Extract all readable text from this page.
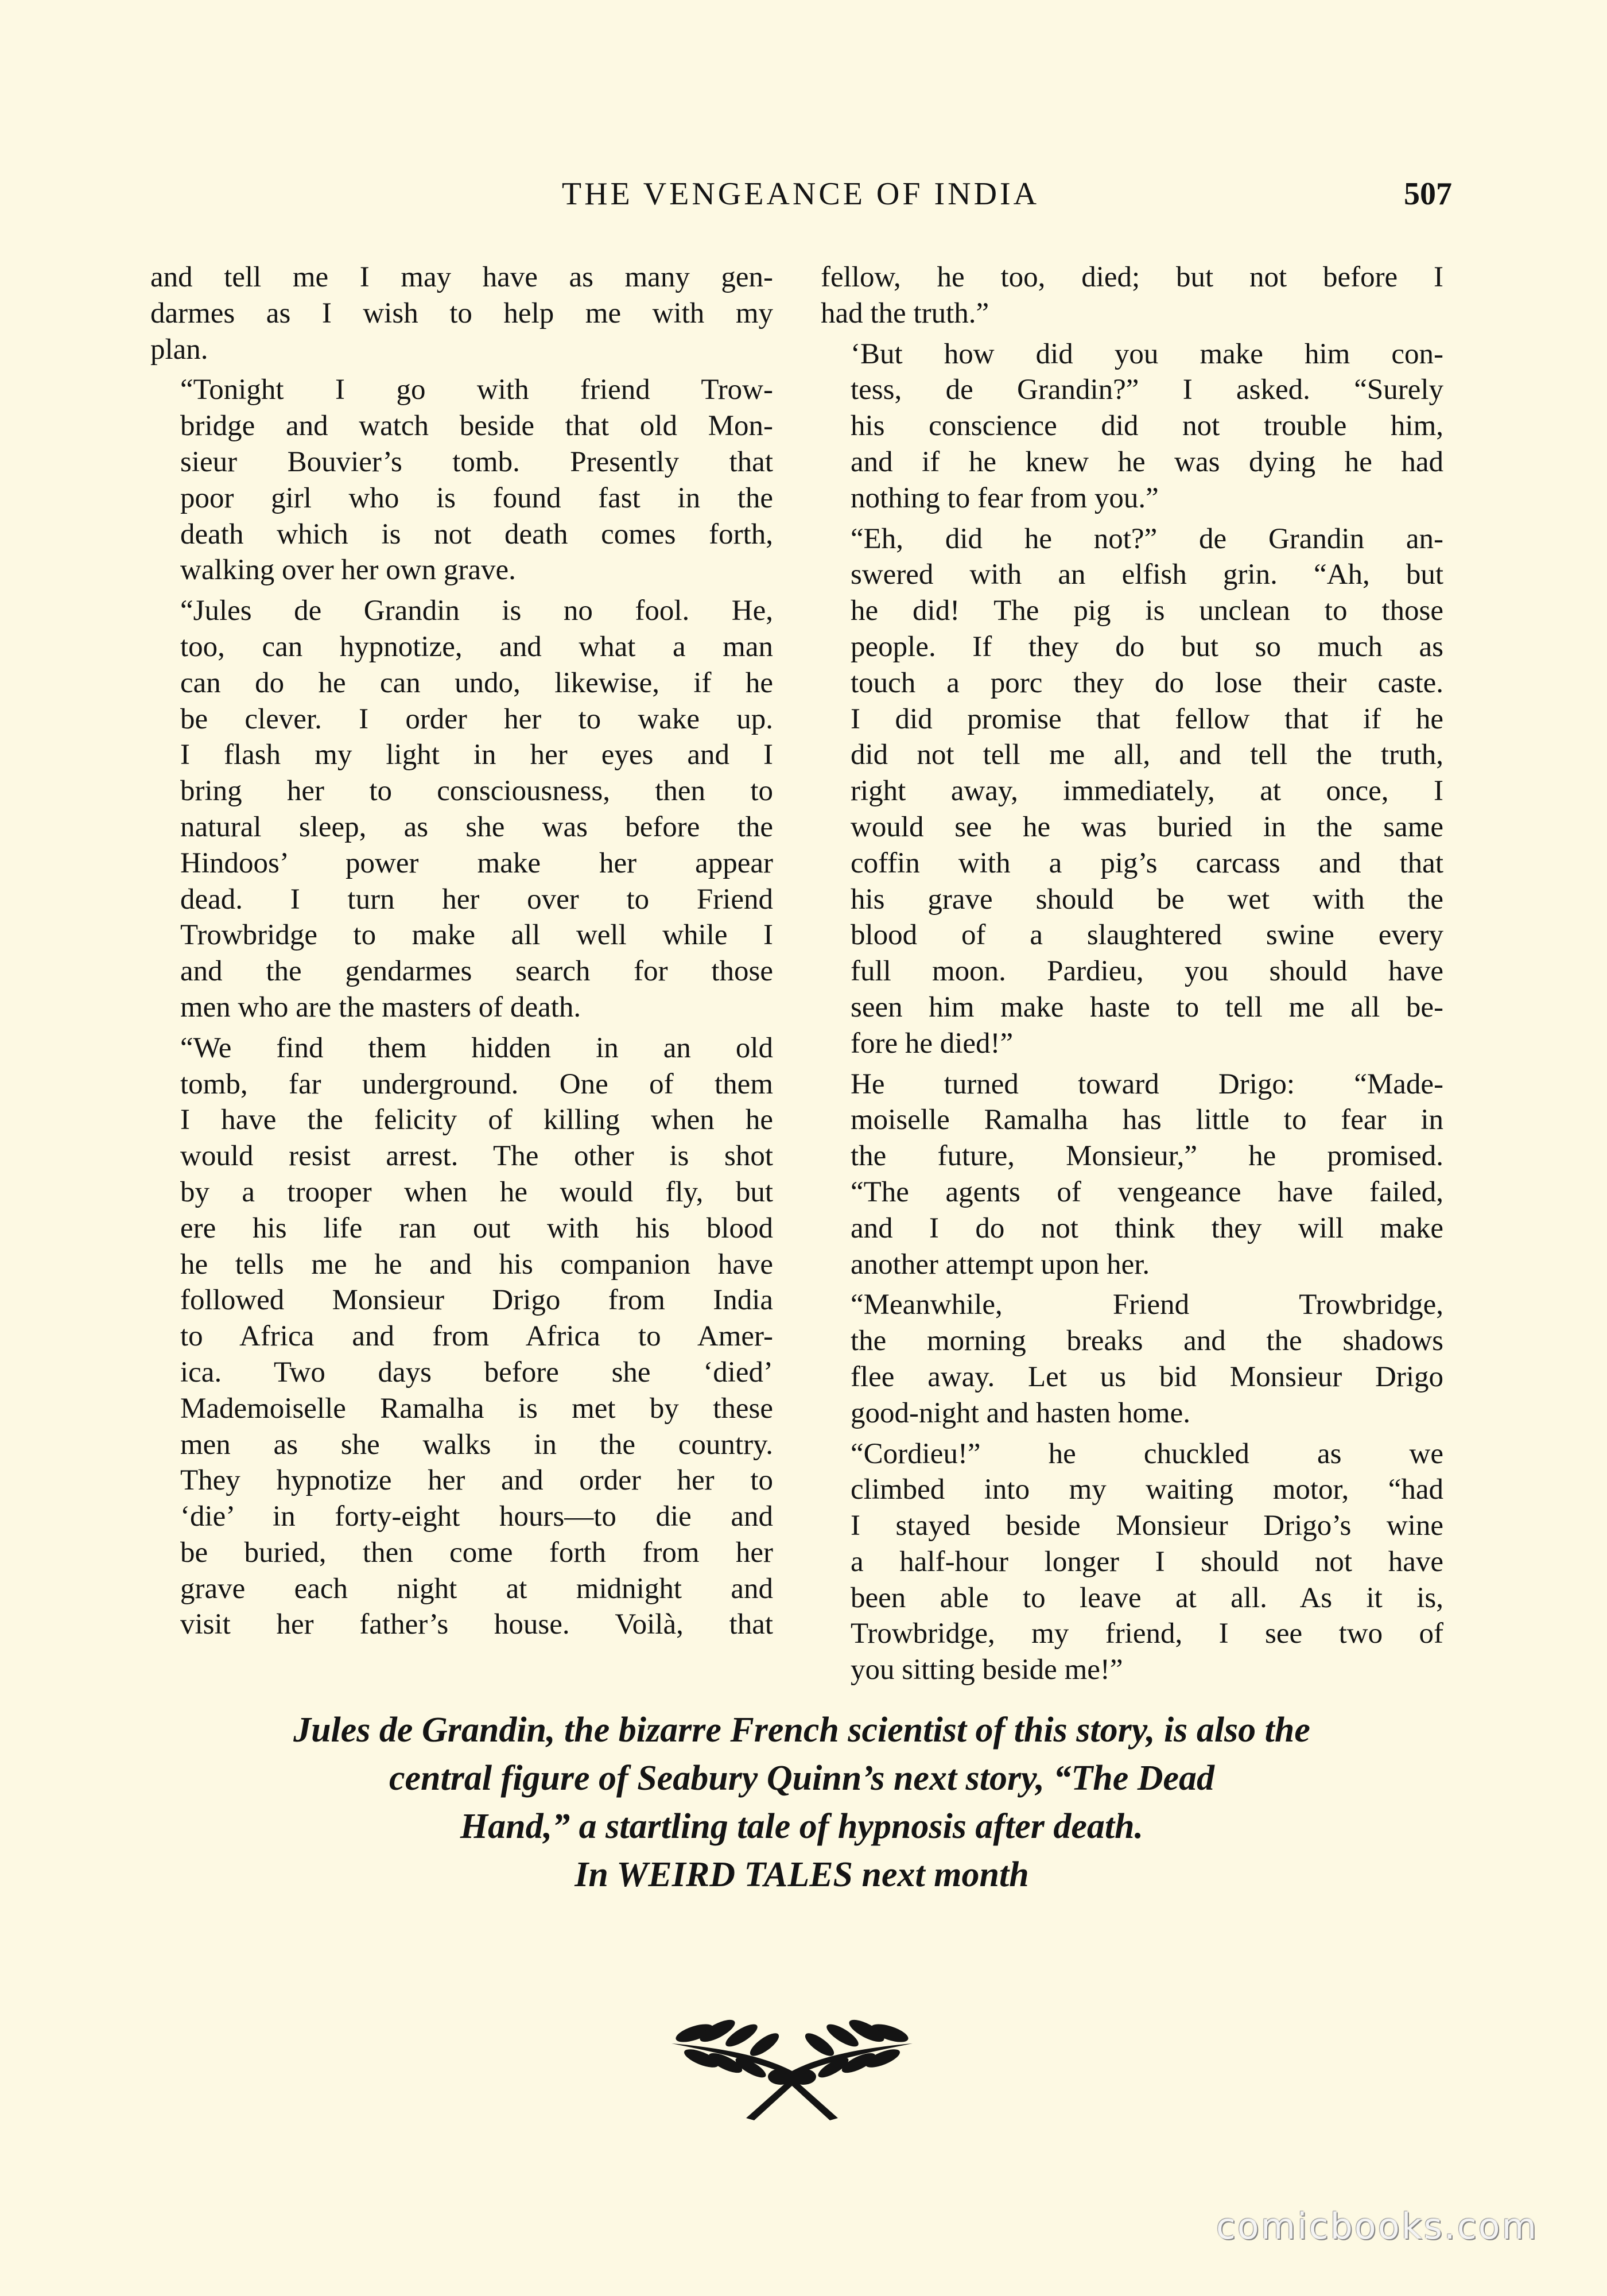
THE VENGEANCE OF INDIA	507

and tell me I may have as many gen-
darmes as I wish to help me with my
plan.

“Tonight I go with friend Trow-
bridge and watch beside that old Mon-
sieur Bouvier’s tomb. Presently that
poor girl who is found fast in the
death which is not death comes forth,
walking over her own grave.

“Jules de Grandin is no fool. He,
too, can hypnotize, and what a man
can do he can undo, likewise, if he
be clever. I order her to wake up.
I flash my light in her eyes and I
bring her to consciousness, then to
natural sleep, as she was before the
Hindoos’ power make her appear
dead. I turn her over to Friend
Trowbridge to make all well while I
and the gendarmes search for those
men who are the masters of death.

“We find them hidden in an old
tomb, far underground. One of them
I have the felicity of killing when he
would resist arrest. The other is shot
by a trooper when he would fly, but
ere his life ran out with his blood
he tells me he and his companion have
followed Monsieur Drigo from India
to Africa and from Africa to Amer-
ica. Two days before she ‘died’
Mademoiselle Ramalha is met by these
men as she walks in the country.
They hypnotize her and order her to
‘die’ in forty-eight hours—to die and
be buried, then come forth from her
grave each night at midnight and
visit her father’s house. Voilà, that

fellow, he too, died; but not before I
had the truth.”

‘But how did you make him con-
tess, de Grandin?” I asked. “Surely
his conscience did not trouble him,
and if he knew he was dying he had
nothing to fear from you.”

“Eh, did he not?” de Grandin an-
swered with an elfish grin. “Ah, but
he did! The pig is unclean to those
people. If they do but so much as
touch a porc they do lose their caste.
I did promise that fellow that if he
did not tell me all, and tell the truth,
right away, immediately, at once, I
would see he was buried in the same
coffin with a pig’s carcass and that
his grave should be wet with the
blood of a slaughtered swine every
full moon. Pardieu, you should have
seen him make haste to tell me all be-
fore he died!”

He turned toward Drigo: “Made-
moiselle Ramalha has little to fear in
the future, Monsieur,” he promised.
“The agents of vengeance have failed,
and I do not think they will make
another attempt upon her.

“Meanwhile, Friend Trowbridge,
the morning breaks and the shadows
flee away. Let us bid Monsieur Drigo
good-night and hasten home.

“Cordieu!” he chuckled as we
climbed into my waiting motor, “had
I stayed beside Monsieur Drigo’s wine
a half-hour longer I should not have
been able to leave at all. As it is,
Trowbridge, my friend, I see two of
you sitting beside me!”

Jules de Grandin, the bizarre French scientist of this story, is also the
central figure of Seabury Quinn’s next story, “The Dead
Hand,” a startling tale of hypnosis after death.
In WEIRD TALES next month
comicbooks.com
